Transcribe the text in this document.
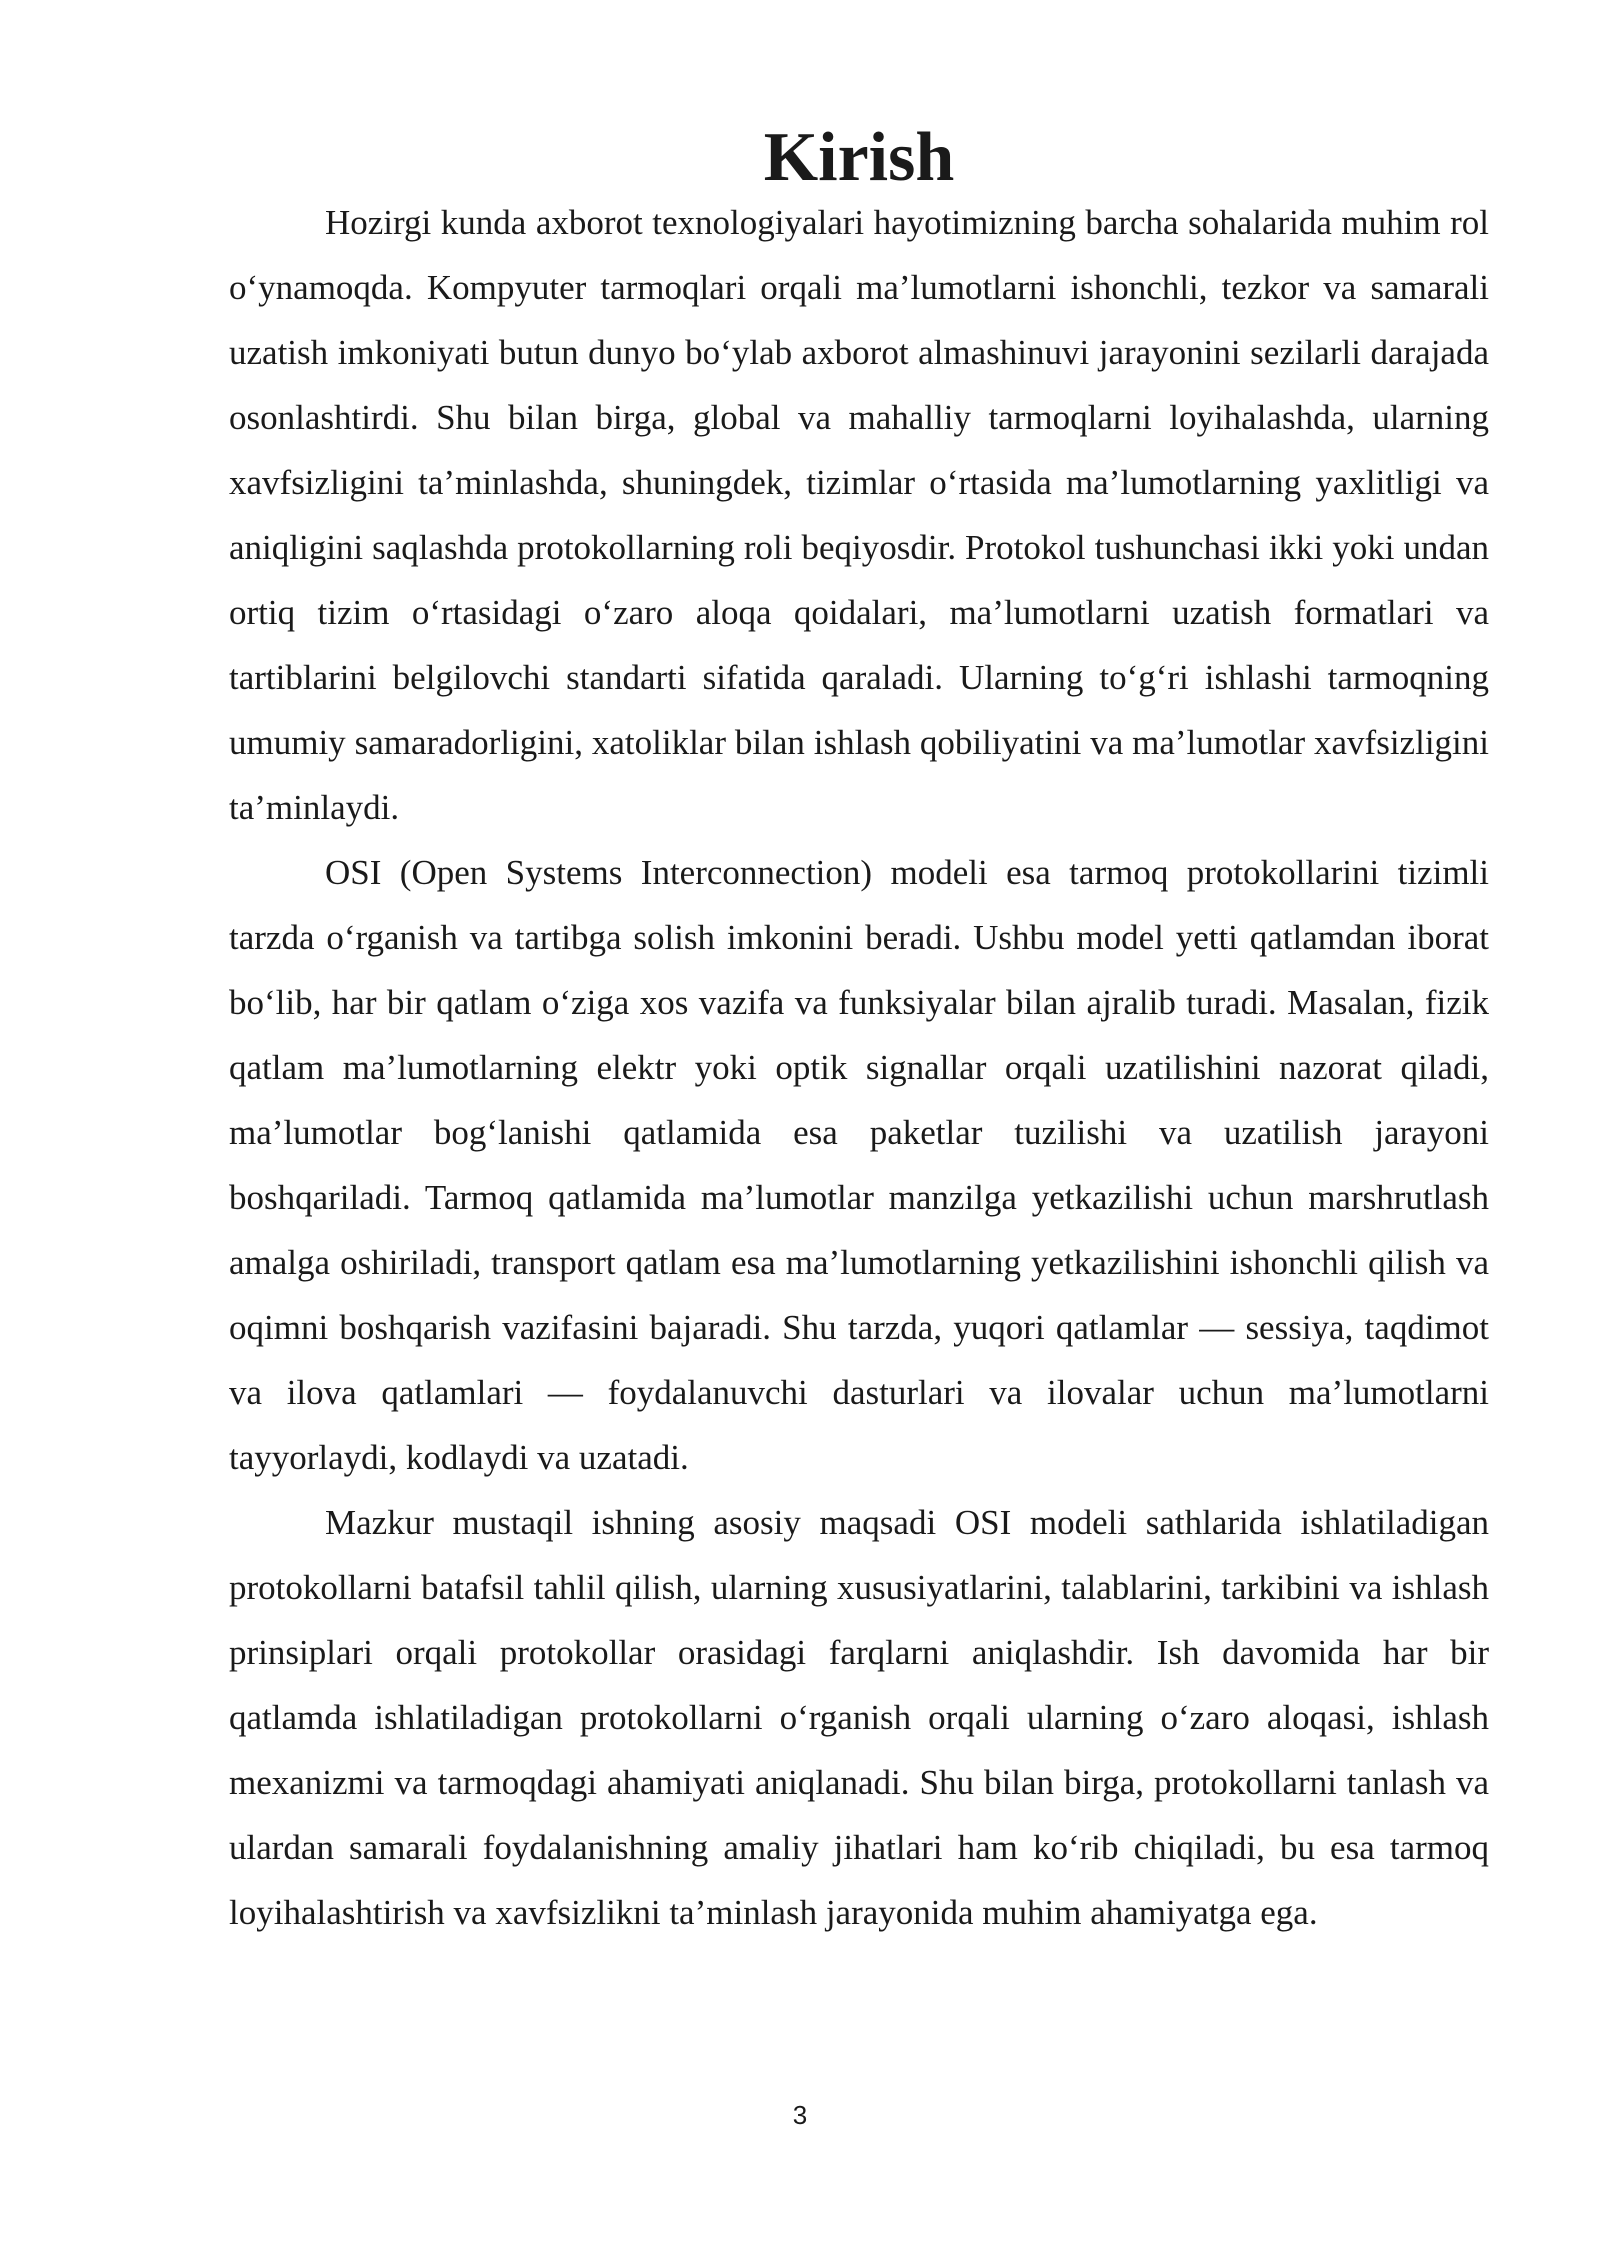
Kirish

Hozirgi kunda axborot texnologiyalari hayotimizning barcha sohalarida muhim rol o‘ynamoqda. Kompyuter tarmoqlari orqali ma’lumotlarni ishonchli, tezkor va samarali uzatish imkoniyati butun dunyo bo‘ylab axborot almashinuvi jarayonini sezilarli darajada osonlashtirdi. Shu bilan birga, global va mahalliy tarmoqlarni loyihalashda, ularning xavfsizligini ta’minlashda, shuningdek, tizimlar o‘rtasida ma’lumotlarning yaxlitligi va aniqligini saqlashda protokollarning roli beqiyosdir. Protokol tushunchasi ikki yoki undan ortiq tizim o‘rtasidagi o‘zaro aloqa qoidalari, ma’lumotlarni uzatish formatlari va tartiblarini belgilovchi standarti sifatida qaraladi. Ularning to‘g‘ri ishlashi tarmoqning umumiy samaradorligini, xatoliklar bilan ishlash qobiliyatini va ma’lumotlar xavfsizligini ta’minlaydi.

OSI (Open Systems Interconnection) modeli esa tarmoq protokollarini tizimli tarzda o‘rganish va tartibga solish imkonini beradi. Ushbu model yetti qatlamdan iborat bo‘lib, har bir qatlam o‘ziga xos vazifa va funksiyalar bilan ajralib turadi. Masalan, fizik qatlam ma’lumotlarning elektr yoki optik signallar orqali uzatilishini nazorat qiladi, ma’lumotlar bog‘lanishi qatlamida esa paketlar tuzilishi va uzatilish jarayoni boshqariladi. Tarmoq qatlamida ma’lumotlar manzilga yetkazilishi uchun marshrutlash amalga oshiriladi, transport qatlam esa ma’lumotlarning yetkazilishini ishonchli qilish va oqimni boshqarish vazifasini bajaradi. Shu tarzda, yuqori qatlamlar — sessiya, taqdimot va ilova qatlamlari — foydalanuvchi dasturlari va ilovalar uchun ma’lumotlarni tayyorlaydi, kodlaydi va uzatadi.

Mazkur mustaqil ishning asosiy maqsadi OSI modeli sathlarida ishlatiladigan protokollarni batafsil tahlil qilish, ularning xususiyatlarini, talablarini, tarkibini va ishlash prinsiplari orqali protokollar orasidagi farqlarni aniqlashdir. Ish davomida har bir qatlamda ishlatiladigan protokollarni o‘rganish orqali ularning o‘zaro aloqasi, ishlash mexanizmi va tarmoqdagi ahamiyati aniqlanadi. Shu bilan birga, protokollarni tanlash va ulardan samarali foydalanishning amaliy jihatlari ham ko‘rib chiqiladi, bu esa tarmoq loyihalashtirish va xavfsizlikni ta’minlash jarayonida muhim ahamiyatga ega.

3
